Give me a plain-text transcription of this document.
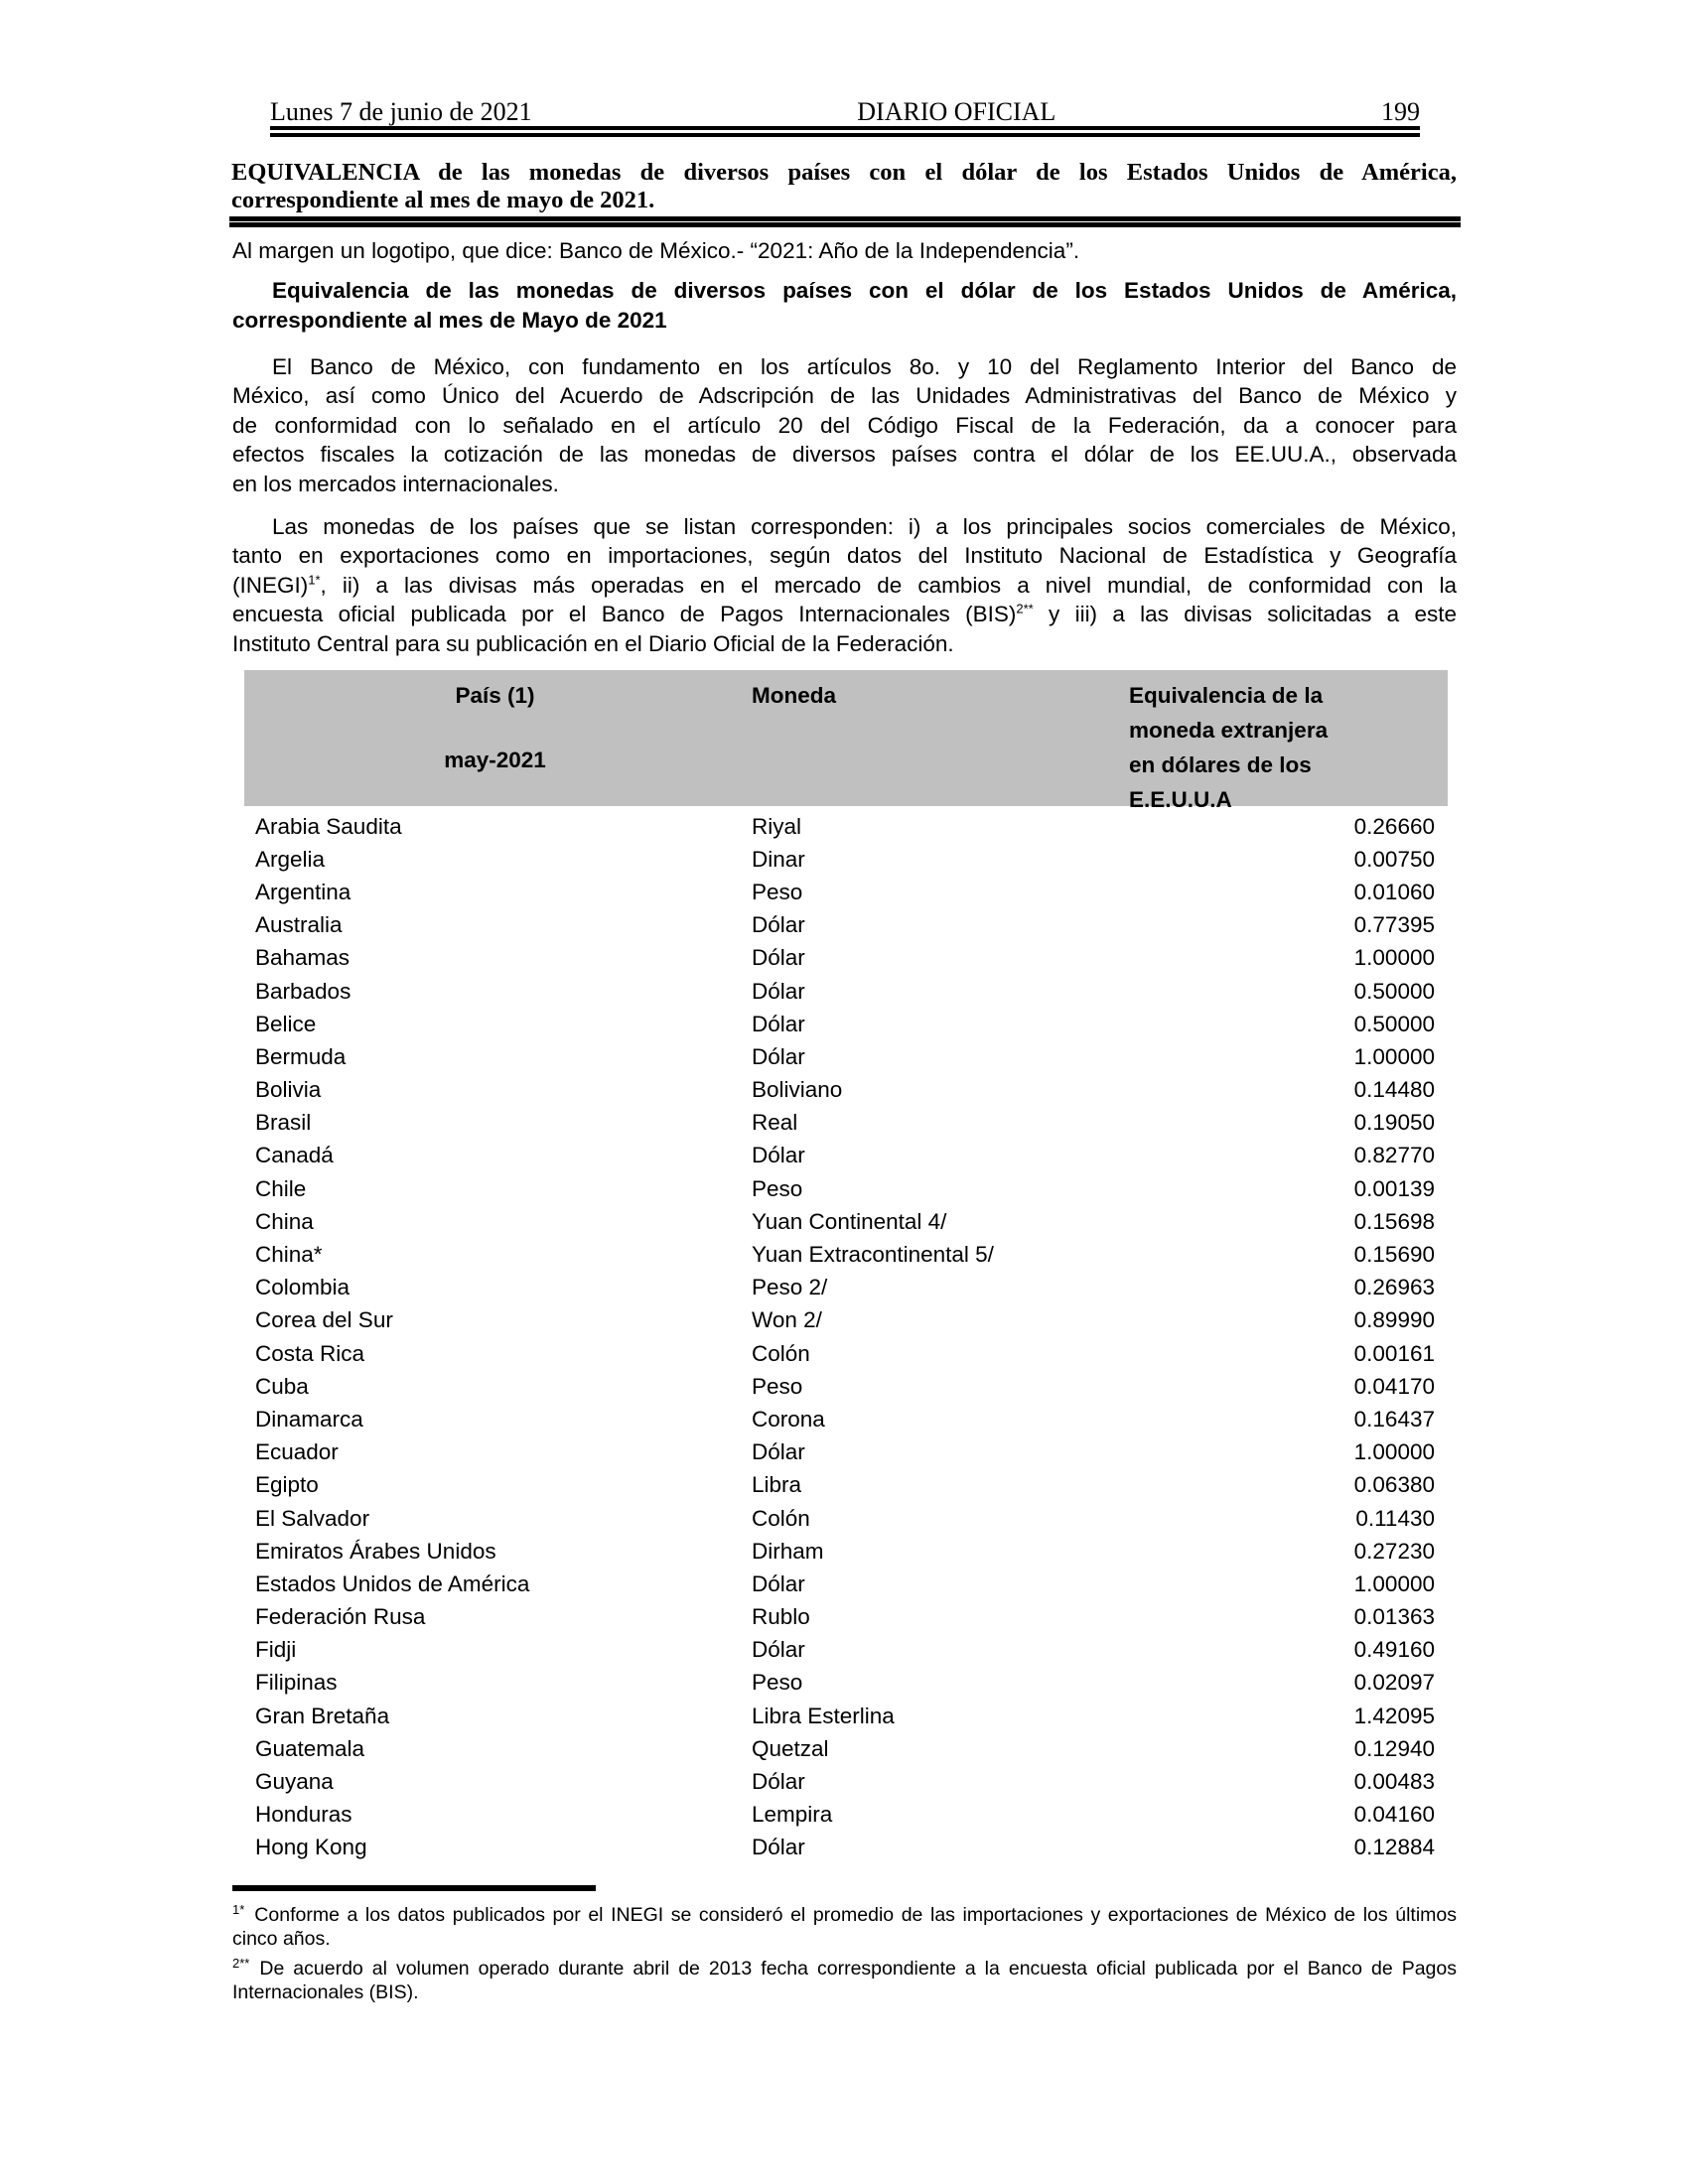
Lunes 7 de junio de 2021	DIARIO OFICIAL	199
EQUIVALENCIA de las monedas de diversos países con el dólar de los Estados Unidos de América,
correspondiente al mes de mayo de 2021.
Al margen un logotipo, que dice: Banco de México.- “2021: Año de la Independencia”.
Equivalencia de las monedas de diversos países con el dólar de los Estados Unidos de América,
correspondiente al mes de Mayo de 2021
El Banco de México, con fundamento en los artículos 8o. y 10 del Reglamento Interior del Banco de
México, así como Único del Acuerdo de Adscripción de las Unidades Administrativas del Banco de México y
de conformidad con lo señalado en el artículo 20 del Código Fiscal de la Federación, da a conocer para
efectos fiscales la cotización de las monedas de diversos países contra el dólar de los EE.UU.A., observada
en los mercados internacionales.
Las monedas de los países que se listan corresponden: i) a los principales socios comerciales de México,
tanto en exportaciones como en importaciones, según datos del Instituto Nacional de Estadística y Geografía
(INEGI)$^{1*}$, ii) a las divisas más operadas en el mercado de cambios a nivel mundial, de conformidad con la
encuesta oficial publicada por el Banco de Pagos Internacionales (BIS)$^{2**}$ y iii) a las divisas solicitadas a este
Instituto Central para su publicación en el Diario Oficial de la Federación.
País (1)
may-2021
Moneda	Equivalencia de la
moneda extranjera
en dólares de los
E.E.U.U.A
Arabia Saudita	Riyal	0.26660
Argelia	Dinar	0.00750
Argentina	Peso	0.01060
Australia	Dólar	0.77395
Bahamas	Dólar	1.00000
Barbados	Dólar	0.50000
Belice	Dólar	0.50000
Bermuda	Dólar	1.00000
Bolivia	Boliviano	0.14480
Brasil	Real	0.19050
Canadá	Dólar	0.82770
Chile	Peso	0.00139
China	Yuan Continental 4/	0.15698
China*	Yuan Extracontinental 5/	0.15690
Colombia	Peso 2/	0.26963
Corea del Sur	Won 2/	0.89990
Costa Rica	Colón	0.00161
Cuba	Peso	0.04170
Dinamarca	Corona	0.16437
Ecuador	Dólar	1.00000
Egipto	Libra	0.06380
El Salvador	Colón	0.11430
Emiratos Árabes Unidos	Dirham	0.27230
Estados Unidos de América	Dólar	1.00000
Federación Rusa	Rublo	0.01363
Fidji	Dólar	0.49160
Filipinas	Peso	0.02097
Gran Bretaña	Libra Esterlina	1.42095
Guatemala	Quetzal	0.12940
Guyana	Dólar	0.00483
Honduras	Lempira	0.04160
Hong Kong	Dólar	0.12884
$^{1*}$ Conforme a los datos publicados por el INEGI se consideró el promedio de las importaciones y exportaciones de México de los últimos
cinco años.
$^{2**}$ De acuerdo al volumen operado durante abril de 2013 fecha correspondiente a la encuesta oficial publicada por el Banco de Pagos
Internacionales (BIS).
